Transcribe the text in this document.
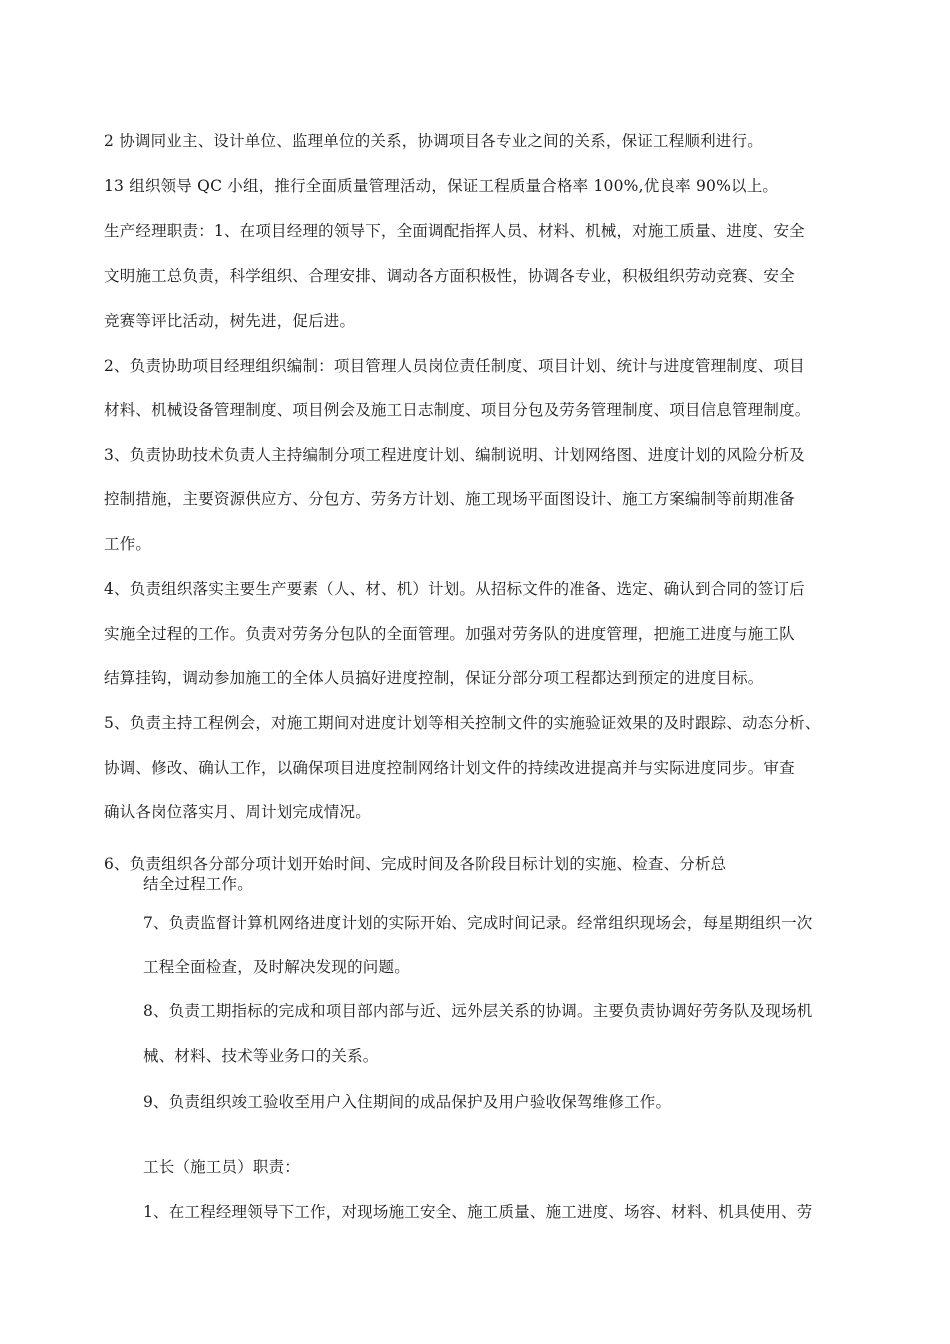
2 协调同业主、设计单位、监理单位的关系，协调项目各专业之间的关系，保证工程顺利进行。
13 组织领导 QC 小组，推行全面质量管理活动，保证工程质量合格率 100%,优良率 90%以上。
生产经理职责：1、在项目经理的领导下，全面调配指挥人员、材料、机械，对施工质量、进度、安全
文明施工总负责，科学组织、合理安排、调动各方面积极性，协调各专业，积极组织劳动竞赛、安全
竞赛等评比活动，树先进，促后进。
2、负责协助项目经理组织编制：项目管理人员岗位责任制度、项目计划、统计与进度管理制度、项目
材料、机械设备管理制度、项目例会及施工日志制度、项目分包及劳务管理制度、项目信息管理制度。
3、负责协助技术负责人主持编制分项工程进度计划、编制说明、计划网络图、进度计划的风险分析及
控制措施，主要资源供应方、分包方、劳务方计划、施工现场平面图设计、施工方案编制等前期准备
工作。
4、负责组织落实主要生产要素（人、材、机）计划。从招标文件的准备、选定、确认到合同的签订后
实施全过程的工作。负责对劳务分包队的全面管理。加强对劳务队的进度管理，把施工进度与施工队
结算挂钩，调动参加施工的全体人员搞好进度控制，保证分部分项工程都达到预定的进度目标。
5、负责主持工程例会，对施工期间对进度计划等相关控制文件的实施验证效果的及时跟踪、动态分析、
协调、修改、确认工作，以确保项目进度控制网络计划文件的持续改进提高并与实际进度同步。审查
确认各岗位落实月、周计划完成情况。
6、负责组织各分部分项计划开始时间、完成时间及各阶段目标计划的实施、检查、分析总
结全过程工作。
7、负责监督计算机网络进度计划的实际开始、完成时间记录。经常组织现场会，每星期组织一次
工程全面检查，及时解决发现的问题。
8、负责工期指标的完成和项目部内部与近、远外层关系的协调。主要负责协调好劳务队及现场机
械、材料、技术等业务口的关系。
9、负责组织竣工验收至用户入住期间的成品保护及用户验收保驾维修工作。
工长（施工员）职责：
1、在工程经理领导下工作，对现场施工安全、施工质量、施工进度、场容、材料、机具使用、劳
